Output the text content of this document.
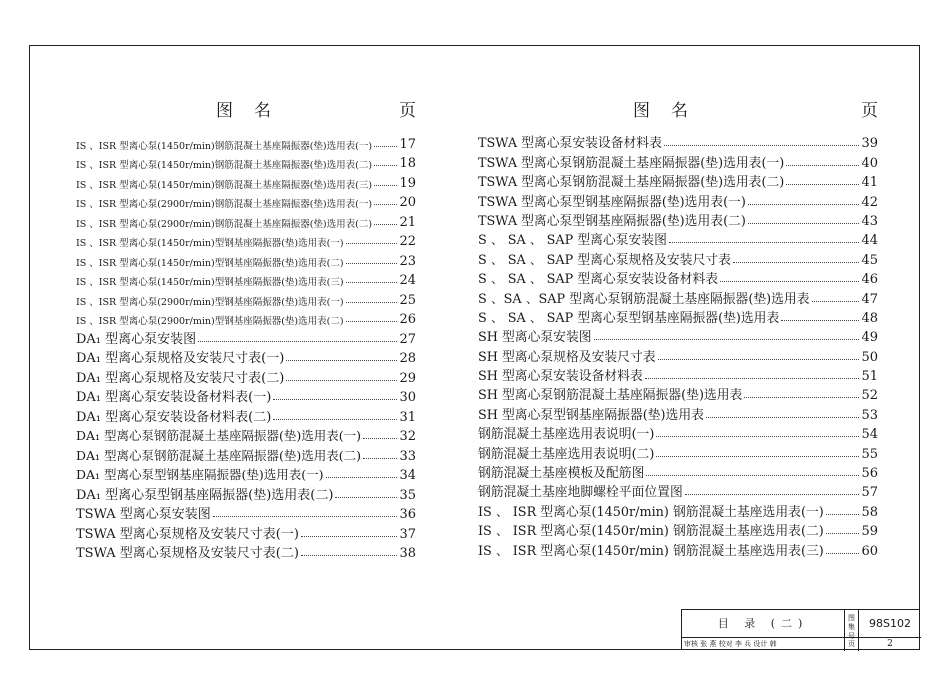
图　名	页
IS 、ISR 型离心泵(1450r/min)钢筋混凝土基座隔振器(垫)选用表(一) 17
IS 、ISR 型离心泵(1450r/min)钢筋混凝土基座隔振器(垫)选用表(二) 18
IS 、ISR 型离心泵(1450r/min)钢筋混凝土基座隔振器(垫)选用表(三) 19
IS 、ISR 型离心泵(2900r/min)钢筋混凝土基座隔振器(垫)选用表(一) 20
IS 、ISR 型离心泵(2900r/min)钢筋混凝土基座隔振器(垫)选用表(二) 21
IS 、ISR 型离心泵(1450r/min)型钢基座隔振器(垫)选用表(一)	22
IS 、ISR 型离心泵(1450r/min)型钢基座隔振器(垫)选用表(二)	23
IS 、ISR 型离心泵(1450r/min)型钢基座隔振器(垫)选用表(三)	24
IS 、ISR 型离心泵(2900r/min)型钢基座隔振器(垫)选用表(一)	25
IS 、ISR 型离心泵(2900r/min)型钢基座隔振器(垫)选用表(二)	26
DA₁ 型离心泵安装图	27
DA₁ 型离心泵规格及安装尺寸表(一)	28
DA₁ 型离心泵规格及安装尺寸表(二)	29
DA₁ 型离心泵安装设备材料表(一)	30
DA₁ 型离心泵安装设备材料表(二)	31
DA₁ 型离心泵钢筋混凝土基座隔振器(垫)选用表(一)	32
DA₁ 型离心泵钢筋混凝土基座隔振器(垫)选用表(二)	33
DA₁ 型离心泵型钢基座隔振器(垫)选用表(一)	34
DA₁ 型离心泵型钢基座隔振器(垫)选用表(二)	35
TSWA 型离心泵安装图	36
TSWA 型离心泵规格及安装尺寸表(一)	37
TSWA 型离心泵规格及安装尺寸表(二)	38
图　名	页
TSWA 型离心泵安装设备材料表	39
TSWA 型离心泵钢筋混凝土基座隔振器(垫)选用表(一)	40
TSWA 型离心泵钢筋混凝土基座隔振器(垫)选用表(二)	41
TSWA 型离心泵型钢基座隔振器(垫)选用表(一)	42
TSWA 型离心泵型钢基座隔振器(垫)选用表(二)	43
S 、 SA 、 SAP 型离心泵安装图	44
S 、 SA 、 SAP 型离心泵规格及安装尺寸表	45
S 、 SA 、 SAP 型离心泵安装设备材料表	46
S 、SA 、SAP 型离心泵钢筋混凝土基座隔振器(垫)选用表	47
S 、 SA 、 SAP 型离心泵型钢基座隔振器(垫)选用表	48
SH 型离心泵安装图	49
SH 型离心泵规格及安装尺寸表	50
SH 型离心泵安装设备材料表	51
SH 型离心泵钢筋混凝土基座隔振器(垫)选用表	52
SH 型离心泵型钢基座隔振器(垫)选用表	53
钢筋混凝土基座选用表说明(一)	54
钢筋混凝土基座选用表说明(二)	55
钢筋混凝土基座模板及配筋图	56
钢筋混凝土基座地脚螺栓平面位置图	57
IS 、 ISR 型离心泵(1450r/min) 钢筋混凝土基座选用表(一)	58
IS 、 ISR 型离心泵(1450r/min) 钢筋混凝土基座选用表(二)	59
IS 、 ISR 型离心泵(1450r/min) 钢筋混凝土基座选用表(三)	60
目 录 (二)	图集号
98S102
审核 张 燕 校对 李 兵 设计 韩	页	2
